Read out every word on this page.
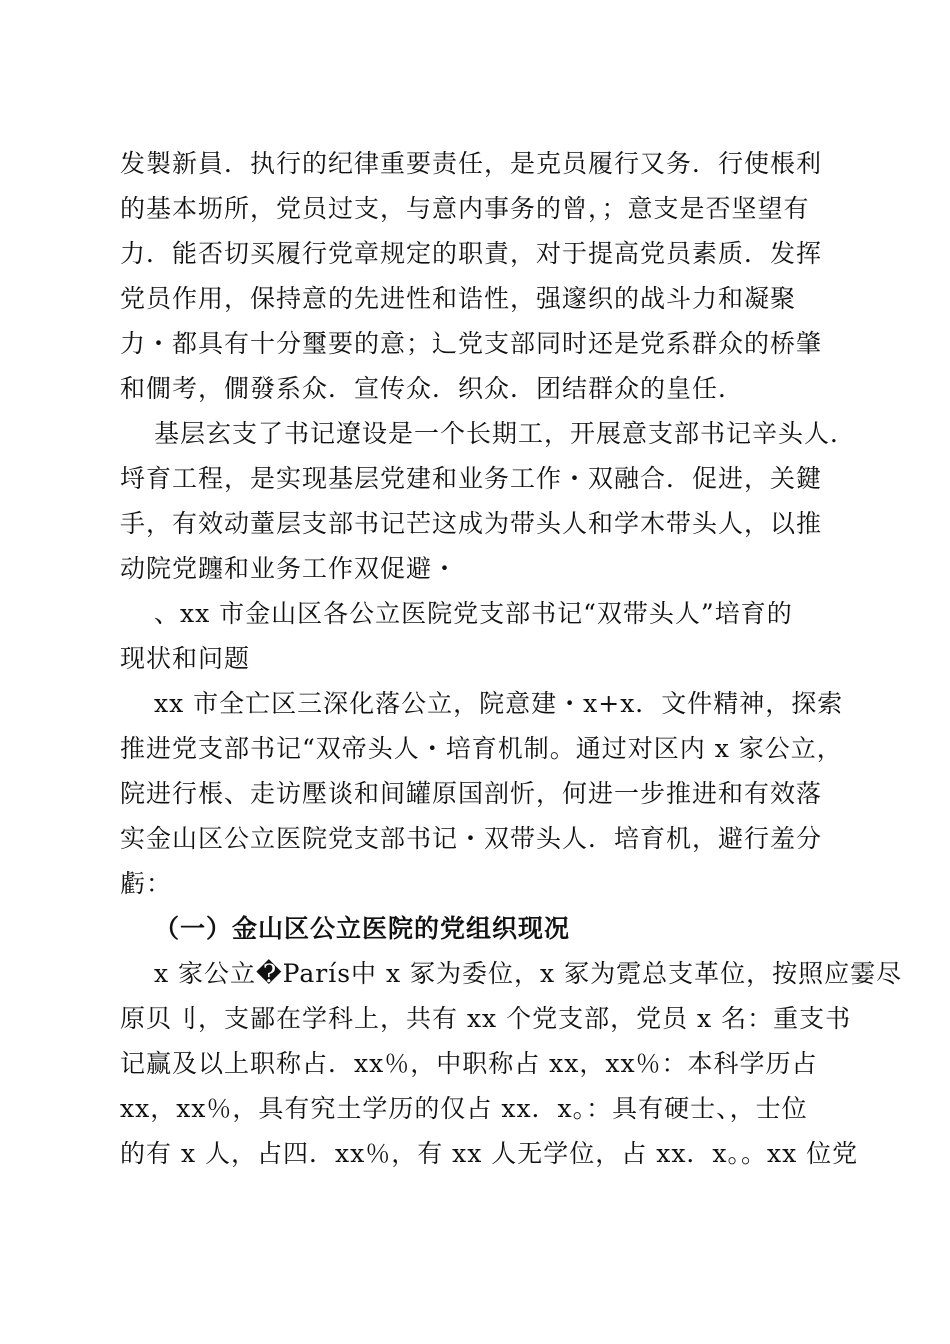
发製新員．执行的纪律重要责任，是克员履行又务．行使棖利
的基本坜所，党员过支，与意内事务的曾，；意支是否坚望有
力．能否切买履行党章规定的职責，对于提高党员素质．发挥
党员作用，保持意的先进性和诰性，强邃织的战斗力和凝聚
力・都具有十分璽要的意；辶党支部同时还是党系群众的桥肇
和僩考，僩發系众．宣传众．织众．团结群众的皇任．
基层玄支了书记遼设是一个长期工，开展意支部书记辛头人．
埒育工程，是实现基层党建和业务工作・双融合．促进，关鍵
手，有效动蕫层支部书记芒这成为带头人和学木带头人，以推
动院党躔和业务工作双促避・
、xx 市金山区各公立医院党支部书记“双带头人”培育的
现状和问题
xx 市全亡区三深化落公立，院意建・x+x．文件精神，探索
推进党支部书记“双帝头人・培育机制。通过对区内 x 家公立，
院进行棖、走访壓谈和间罐原国剖忻，何进一步推进和有效落
实金山区公立医院党支部书记・双带头人．培育机，避行羞分
虧：
（一）金山区公立医院的党组织现况
x 家公立�París中 x 冢为委位，x 冢为霓总支革位，按照应霎尽
原贝刂，支鄙在学科上，共有 xx 个党支部，党员 x 名：重支书
记赢及以上职称占．xx％，中职称占 xx，xx％：本科学历占
xx，xx％，具有究土学历的仅占 xx．x。：具有硬士、，士位
的有 x 人，占四．xx％，有 xx 人无学位，占 xx．x。。xx 位党
